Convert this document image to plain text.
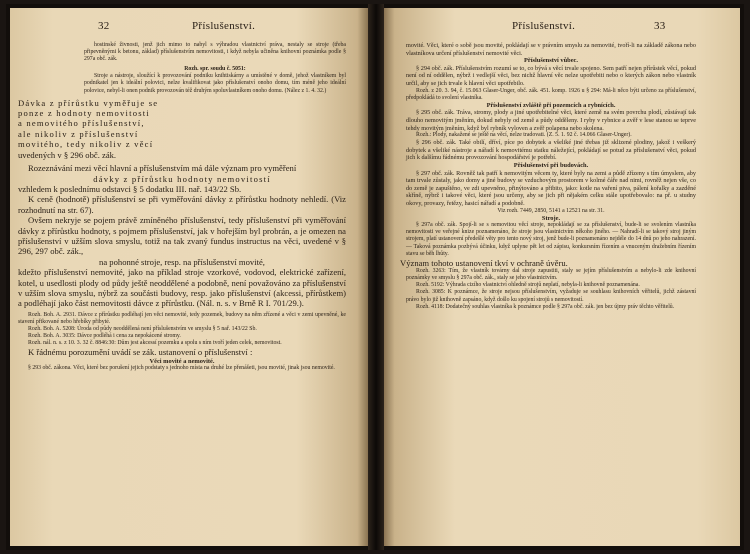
32	Příslušenství.

hostinské živnosti, jenž jich mimo to nabyl s výhradou vlastnictví práva, nestaly se stroje (třeba připevněnými k betonu, základ) příslušenstvím nemovitosti, i když nebyla učiněna knihovní poznámka podle § 297a obč. zák.

Rozh. spr. soudu č. 5051:

Stroje a nástroje, sloužící k provozování podniku knihtiskárny a umístěné v domě, jehož vlastníkem byl podnikatel jen k ideální polovici, nelze kvalifikovat jako příslušenství onoho domu, tím méně jeho ideální polovice, nebyl-li onen podnik provozován též druhým spoluvlastníkem onoho domu. (Nález z 1. 4. 32.)

Dávka z přírůstku vyměřuje se

ponze z hodnoty nemovitosti

a nemovitého příslušenství,

ale nikoliv z příslušenství

movitého, tedy nikoliv z věcí

uvedených v § 296 obč. zák.

Rozeznávání mezi věcí hlavní a příslušenstvím má dále význam pro vyměření

dávky z přírůstku hodnoty nemovitostí

vzhledem k poslednímu odstavci § 5 dodatku III. nař. 143/22 Sb.

K ceně (hodnotě) příslušenství se při vyměřování dávky z přírůstku hodnoty nehledí. (Viz rozhodnutí na str. 67).

Ovšem nekryje se pojem právě zmíněného příslušenství, tedy příslušenství při vyměřování dávky z přírůstku hodnoty, s pojmem příslušenství, jak v hořejším byl probrán, a je omezen na příslušenství v užším slova smyslu, totiž na tak zvaný fundus instructus na věci, uvedené v § 296, 297 obč. zák.,

na pohonné stroje, resp. na příslušenství movité,

kdežto příslušenství nemovité, jako na příklad stroje vzorkové, vodovod, elektrické zařízení, kotel, u usedlosti plody od půdy ještě neoddělené a podobně, není považováno za příslušenství v užším slova smyslu, nýbrž za součásti budovy, resp. jako příslušenství (akcessi, přírůstkem) a podléhají jako část nemovitosti dávce z přírůstku. (Nál. n. s. v Brně R I. 701/29.).

Rozh. Boh. A. 2931. Dávce z přírůstku podléhají jen věci nemovité, tedy pozemek, budovy na něm zřízené a věci v zemi upevněné, ke stavení přikované nebo hřebíky přibyté.

Rozh. Boh. A. 5208: Úroda od půdy neoddělená není příslušenstvím ve smyslu § 5 nař. 143/22 Sb.

Rozh. Boh. A. 3035: Dávce podléhá i cena za nepokácené stromy.

Rozh. nál. n. s. z 10. 3. 32 č. 8846:30: Dům jest akcessí pozemku a spolu s ním tvoří jeden celek, nemovitost.

K řádnému porozumění uvádí se zák. ustanovení o příslušenství :

Věci movité a nemovité.

§ 293 obč. zákona. Věci, které bez porušení jejich podstaty s jednoho místa na druhé lze přenášeti, jsou movité, jinak jsou nemovité.

Příslušenství.	33

movité. Věci, které o sobě jsou movité, pokládají se v právním smyslu za nemovité, tvoří-li na základě zákona nebo vlastníkova určení příslušenství nemovité věci.

Příslušenství vůbec.

§ 294 obč. zák. Příslušenstvím rozumí se to, co bývá s věcí trvale spojeno. Sem patří nejen přírůstek věcí, pokud není od ní oddělen, nýbrž i vedlejší věci, bez nichž hlavní věc nelze upotřebiti nebo o kterých zákon nebo vlastník určil, aby se jich trvale k hlavní věci upotřebilo.

Rozh. z 20. 3. 94, č. 15.063 Glaser-Unger, obč. zák. 451. komp. 1926 u § 294: Má-li něco býti určeno za příslušenství, předpokládá to svolení vlastníka.

Příslušenství zvláště při pozemcích a rybnících.

§ 295 obč. zák. Tráva, stromy, plody a jiné upotřebitelné věci, které země na svém povrchu plodí, zůstávají tak dlouho nemovitým jměním, dokud nebyly od země a půdy odděleny. I ryby v rybnice a zvěř v lese stanou se teprve tehdy movitým jměním, když byl rybník vyloven a zvěř polapena nebo skolena.

Rozh.: Plody, nakažené se ještě na věcí, nelze tradovati. (Z. 5. 1. 92 č. 14.066 Glaser-Unger).

§ 296 obč. zák. Také obilí, dříví, píce po dobytek a všeliké jiné třebas již sklizené plodiny, jakož i veškerý dobytek a všeliké nástroje a nářadí k nemovitému statku náležející, pokládají se potud za příslušenství věci, pokud jich k dalšímu řádnému provozování hospodářství je potřebí.

Příslušenství při budovách.

§ 297 obč. zák. Rovněž tak patří k nemovitým věcem ty, které byly na zemi a půdě zřízeny s tím úmyslem, aby tam trvale zůstaly, jako domy a jiné budovy se vzduchovým prostorem v kolmé čáře nad nimi, rovněž nejen vše, co do země je zapuštěno, ve zdi upevněno, přinýtováno a přibito, jako: kotle na vaření piva, pálení kořalky a zazděné skříně, nýbrž i takové věci, které jsou určeny, aby se jich při nějakém celku stále upotřebovalo: na př. u studny okovy, provazy, řetězy, hasicí nářadí a podobně.

Viz rozh. 7449, 2850, 5141 a 12521 na str. 31.

Stroje.

§ 297a obč. zák. Spojí-li se s nemovitou věcí stroje, nepokládají se za příslušenství, bude-li se svolením vlastníka nemovitosti ve veřejné knize poznamenáno, že stroje jsou vlastnictvím někoho jiného. — Nahradí-li se takový stroj jiným strojem, platí ustanovení předešlé věty pro tento nový stroj, jenž bude-li poznamenáno nejdéle do 14 dnů po jeho nahrazení. — Taková poznámka pozbývá účinku, když uplyne pět let od zápisu, konkursním řízením a vnuceným dražebním řízením stavu se běh lhůty.

Význam tohoto ustanovení tkví v ochraně úvěru.

Rozh. 3263: Tím, že vlastník továrny dal stroje zapustiti, staly se jejím příslušenstvím a nebylo-li zde knihovní poznámky ve smyslu § 297a obč. zák., staly se jeho vlastnictvím.

Rozh. 5192: Výhrada cizího vlastnictví ohledně strojů neplatí, nebyla-li knihovně poznamenána.

Rozh. 3085: K poznámce, že stroje nejsou příslušenstvím, vyžaduje se souhlasu knihovních věřitelů, jichž zástavní právo bylo již knihovně zapsáno, když došlo ku spojení strojů s nemovitostí.

Rozh. 4118: Dodatečný souhlas vlastníka k poznámce podle § 297a obč. zák. jen bez újmy práv těchto věřitelů.
